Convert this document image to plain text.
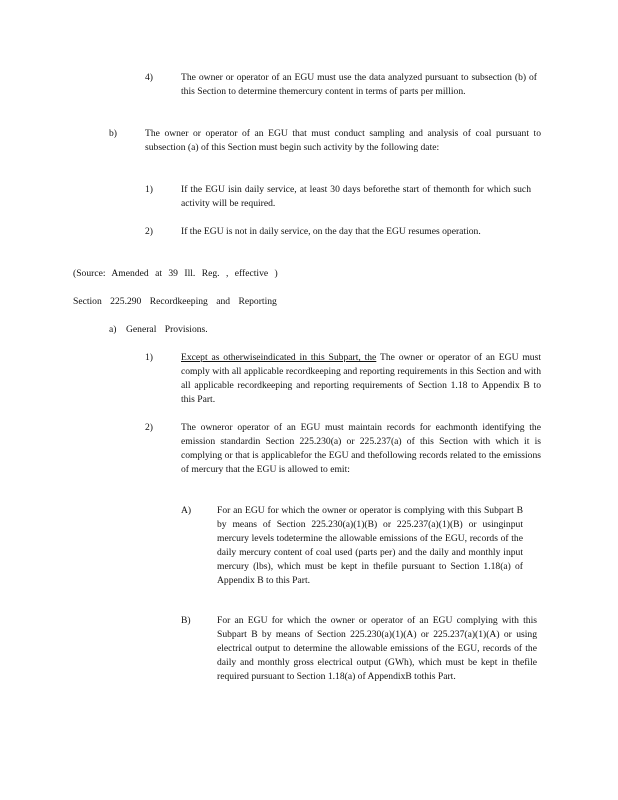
4)	The owner or operator of an EGU must use the data analyzed pursuant to subsection (b) of this Section to determine themercury content in terms of parts per million.

b)	The owner or operator of an EGU that must conduct sampling and analysis of coal pursuant to subsection (a) of this Section must begin such activity by the following date:

1)	If the EGU isin daily service, at least 30 days beforethe start of themonth for which such activity will be required.

2)	If the EGU is not in daily service, on the day that the EGU resumes operation.

(Source: Amended at 39 Ill. Reg. , effective )

Section 225.290 Recordkeeping and Reporting

a) General Provisions.

1)	Except as otherwiseindicated in this Subpart, the The owner or operator of an EGU must comply with all applicable recordkeeping and reporting requirements in this Section and with all applicable recordkeeping and reporting requirements of Section 1.18 to Appendix B to this Part.

2)	The owneror operator of an EGU must maintain records for eachmonth identifying the emission standardin Section 225.230(a) or 225.237(a) of this Section with which it is complying or that is applicablefor the EGU and thefollowing records related to the emissions of mercury that the EGU is allowed to emit:

A)	For an EGU for which the owner or operator is complying with this Subpart B by means of Section 225.230(a)(1)(B) or 225.237(a)(1)(B) or usinginput mercury levels todetermine the allowable emissions of the EGU, records of the daily mercury content of coal used (parts per) and the daily and monthly input mercury (lbs), which must be kept in thefile pursuant to Section 1.18(a) of Appendix B to this Part.

B)	For an EGU for which the owner or operator of an EGU complying with this Subpart B by means of Section 225.230(a)(1)(A) or 225.237(a)(1)(A) or using electrical output to determine the allowable emissions of the EGU, records of the daily and monthly gross electrical output (GWh), which must be kept in thefile required pursuant to Section 1.18(a) of AppendixB tothis Part.
